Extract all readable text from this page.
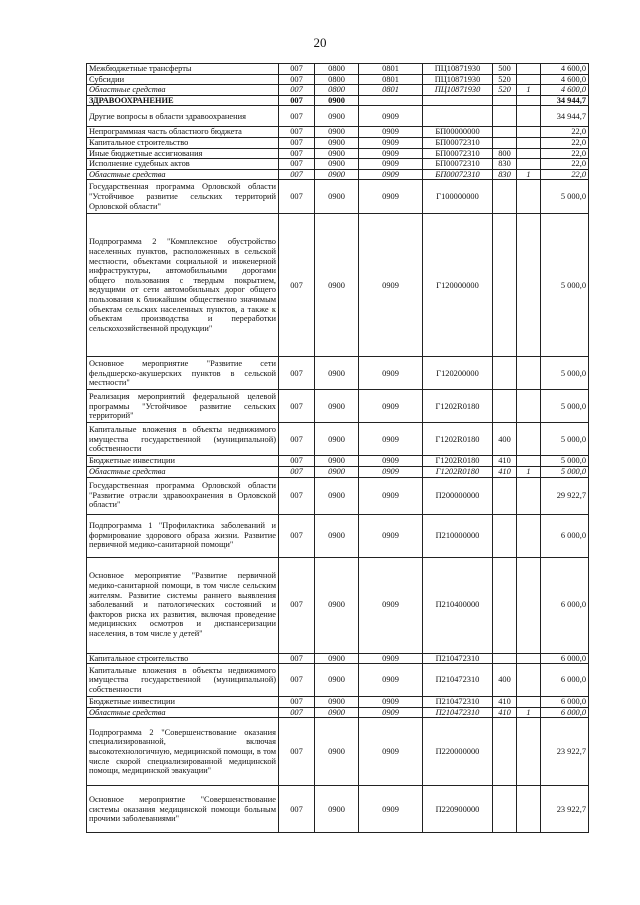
20
Межбюджетные трансферты	007	0800	0801	ПЦ10871930	500		4 600,0
Субсидии	007	0800	0801	ПЦ10871930	520		4 600,0
Областные средства	007	0800	0801	ПЦ10871930	520	1	4 600,0
ЗДРАВООХРАНЕНИЕ	007	0900					34 944,7
Другие вопросы в области здравоохранения	007	0900	0909				34 944,7
Непрограммная часть областного бюджета	007	0900	0909	БП00000000			22,0
Капитальное строительство	007	0900	0909	БП00072310			22,0
Иные бюджетные ассигнования	007	0900	0909	БП00072310	800		22,0
Исполнение судебных актов	007	0900	0909	БП00072310	830		22,0
Областные средства	007	0900	0909	БП00072310	830	1	22,0
Государственная программа Орловской области "Устойчивое развитие сельских территорий Орловской области"	007	0900	0909	Г100000000			5 000,0
Подпрограмма 2 "Комплексное обустройство населенных пунктов, расположенных в сельской местности, объектами социальной и инженерной инфраструктуры, автомобильными дорогами общего пользования с твердым покрытием, ведущими от сети автомобильных дорог общего пользования к ближайшим общественно значимым объектам сельских населенных пунктов, а также к объектам производства и переработки сельскохозяйственной продукции"	007	0900	0909	Г120000000			5 000,0
Основное мероприятие "Развитие сети фельдшерско-акушерских пунктов в сельской местности"	007	0900	0909	Г120200000			5 000,0
Реализация мероприятий федеральной целевой программы "Устойчивое развитие сельских территорий"	007	0900	0909	Г1202R0180			5 000,0
Капитальные вложения в объекты недвижимого имущества государственной (муниципальной) собственности	007	0900	0909	Г1202R0180	400		5 000,0
Бюджетные инвестиции	007	0900	0909	Г1202R0180	410		5 000,0
Областные средства	007	0900	0909	Г1202R0180	410	1	5 000,0
Государственная программа Орловской области "Развитие отрасли здравоохранения в Орловской области"	007	0900	0909	П200000000			29 922,7
Подпрограмма 1 "Профилактика заболеваний и формирование здорового образа жизни. Развитие первичной медико-санитарной помощи"	007	0900	0909	П210000000			6 000,0
Основное мероприятие "Развитие первичной медико-санитарной помощи, в том числе сельским жителям. Развитие системы раннего выявления заболеваний и патологических состояний и факторов риска их развития, включая проведение медицинских осмотров и диспансеризации населения, в том числе у детей"	007	0900	0909	П210400000			6 000,0
Капитальное строительство	007	0900	0909	П210472310			6 000,0
Капитальные вложения в объекты недвижимого имущества государственной (муниципальной) собственности	007	0900	0909	П210472310	400		6 000,0
Бюджетные инвестиции	007	0900	0909	П210472310	410		6 000,0
Областные средства	007	0900	0909	П210472310	410	1	6 000,0
Подпрограмма 2 "Совершенствование оказания специализированной, включая высокотехнологичную, медицинской помощи, в том числе скорой специализированной медицинской помощи, медицинской эвакуации"	007	0900	0909	П220000000			23 922,7
Основное мероприятие "Совершенствование системы оказания медицинской помощи больным прочими заболеваниями"	007	0900	0909	П220900000			23 922,7
